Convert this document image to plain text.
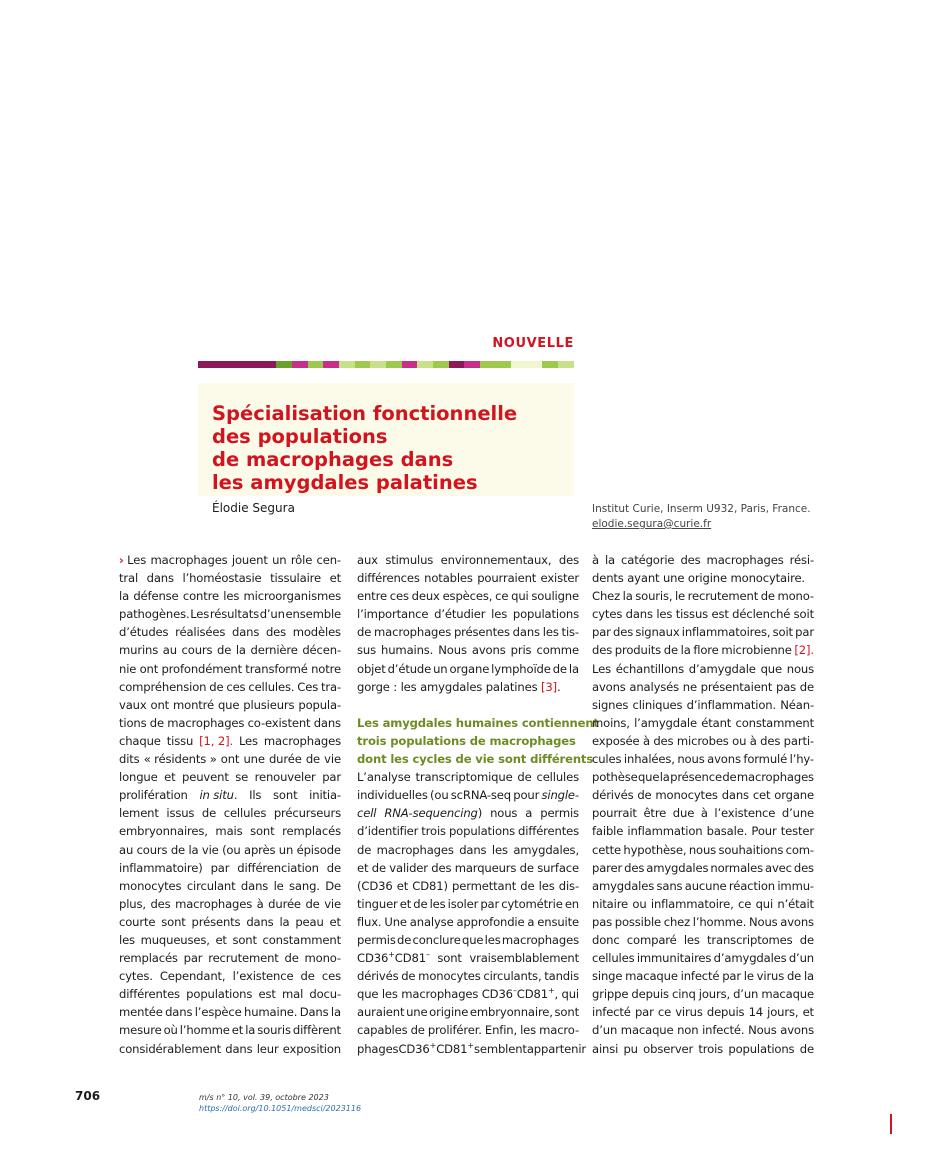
NOUVELLE
Spécialisation fonctionnelle
des populations
de macrophages dans
les amygdales palatines
Élodie Segura	Institut Curie, Inserm U932, Paris, France.
elodie.segura@curie.fr
› Les macrophages jouent un rôle cen-
tral dans l’homéostasie tissulaire et
la défense contre les microorganismes
pathogènes. Les résultats d’un ensemble
d’études réalisées dans des modèles
murins au cours de la dernière décen-
nie ont profondément transformé notre
compréhension de ces cellules. Ces tra-
vaux ont montré que plusieurs popula-
tions de macrophages co-existent dans
chaque tissu [1, 2]. Les macrophages
dits « résidents » ont une durée de vie
longue et peuvent se renouveler par
prolifération in situ. Ils sont initia-
lement issus de cellules précurseurs
embryonnaires, mais sont remplacés
au cours de la vie (ou après un épisode
inflammatoire) par différenciation de
monocytes circulant dans le sang. De
plus, des macrophages à durée de vie
courte sont présents dans la peau et
les muqueuses, et sont constamment
remplacés par recrutement de mono-
cytes. Cependant, l’existence de ces
différentes populations est mal docu-
mentée dans l’espèce humaine. Dans la
mesure où l’homme et la souris diffèrent
considérablement dans leur exposition
aux stimulus environnementaux, des
différences notables pourraient exister
entre ces deux espèces, ce qui souligne
l’importance d’étudier les populations
de macrophages présentes dans les tis-
sus humains. Nous avons pris comme
objet d’étude un organe lymphoïde de la
gorge : les amygdales palatines [3].
Les amygdales humaines contiennent
trois populations de macrophages
dont les cycles de vie sont différents
L’analyse transcriptomique de cellules
individuelles (ou scRNA-seq pour single-
cell RNA-sequencing) nous a permis
d’identifier trois populations différentes
de macrophages dans les amygdales,
et de valider des marqueurs de surface
(CD36 et CD81) permettant de les dis-
tinguer et de les isoler par cytométrie en
flux. Une analyse approfondie a ensuite
permis de conclure que les macrophages
CD36+CD81– sont vraisemblablement
dérivés de monocytes circulants, tandis
que les macrophages CD36–CD81+, qui
auraient une origine embryonnaire, sont
capables de proliférer. Enfin, les macro-
phages CD36+CD81+ semblent appartenir
à la catégorie des macrophages rési-
dents ayant une origine monocytaire.
Chez la souris, le recrutement de mono-
cytes dans les tissus est déclenché soit
par des signaux inflammatoires, soit par
des produits de la flore microbienne [2].
Les échantillons d’amygdale que nous
avons analysés ne présentaient pas de
signes cliniques d’inflammation. Néan-
moins, l’amygdale étant constamment
exposée à des microbes ou à des parti-
cules inhalées, nous avons formulé l’hy-
pothèse que la présence de macrophages
dérivés de monocytes dans cet organe
pourrait être due à l’existence d’une
faible inflammation basale. Pour tester
cette hypothèse, nous souhaitions com-
parer des amygdales normales avec des
amygdales sans aucune réaction immu-
nitaire ou inflammatoire, ce qui n’était
pas possible chez l’homme. Nous avons
donc comparé les transcriptomes de
cellules immunitaires d’amygdales d’un
singe macaque infecté par le virus de la
grippe depuis cinq jours, d’un macaque
infecté par ce virus depuis 14 jours, et
d’un macaque non infecté. Nous avons
ainsi pu observer trois populations de
706	m/s n° 10, vol. 39, octobre 2023
https://doi.org/10.1051/medsci/2023116
